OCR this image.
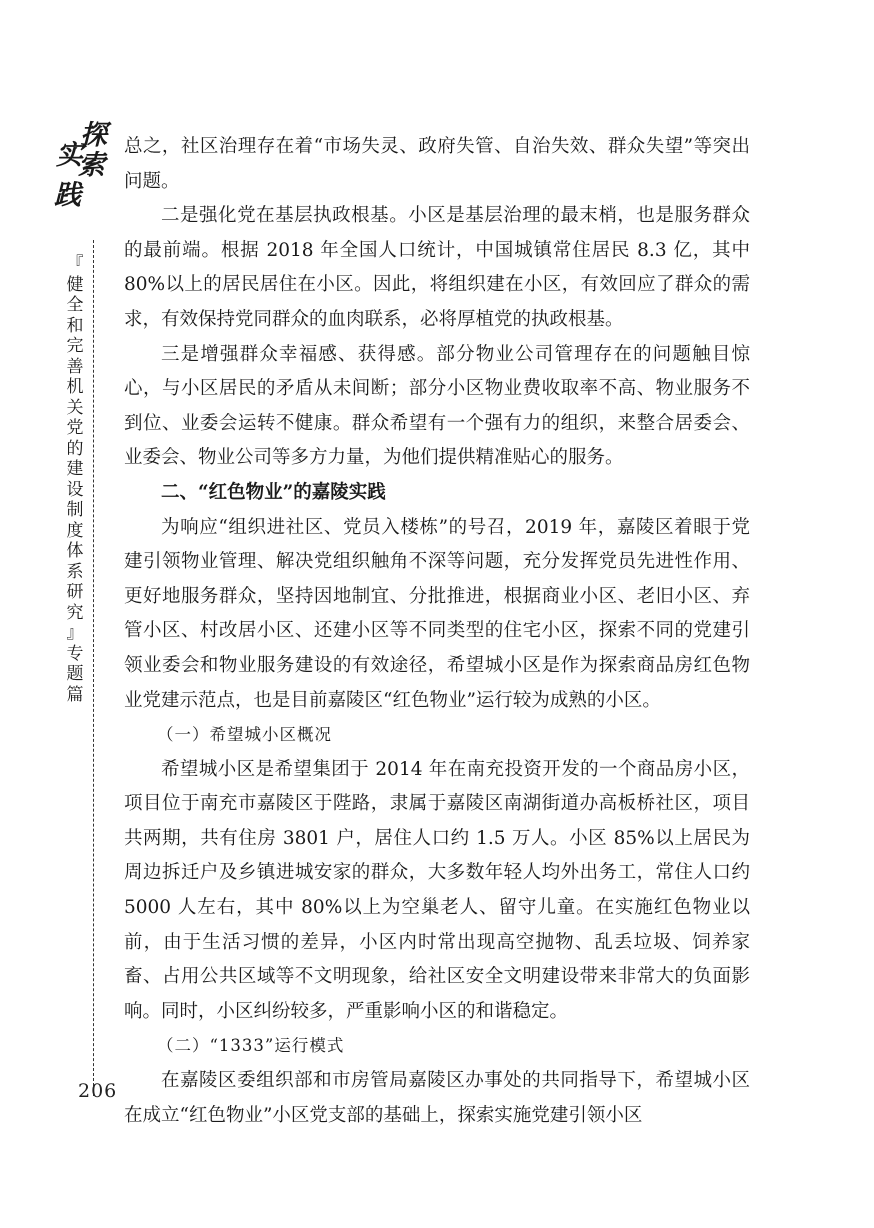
探
索
实
践
『
健
全
和
完
善
机
关
党
的
建
设
制
度
体
系
研
究
』
专
题
篇
206

总之，社区治理存在着“市场失灵、政府失管、自治失效、群众失望”等突出问题。

二是强化党在基层执政根基。小区是基层治理的最末梢，也是服务群众的最前端。根据 2018 年全国人口统计，中国城镇常住居民 8.3 亿，其中 80%以上的居民居住在小区。因此，将组织建在小区，有效回应了群众的需求，有效保持党同群众的血肉联系，必将厚植党的执政根基。

三是增强群众幸福感、获得感。部分物业公司管理存在的问题触目惊心，与小区居民的矛盾从未间断；部分小区物业费收取率不高、物业服务不到位、业委会运转不健康。群众希望有一个强有力的组织，来整合居委会、业委会、物业公司等多方力量，为他们提供精准贴心的服务。

二、“红色物业”的嘉陵实践

为响应“组织进社区、党员入楼栋”的号召，2019 年，嘉陵区着眼于党建引领物业管理、解决党组织触角不深等问题，充分发挥党员先进性作用、更好地服务群众，坚持因地制宜、分批推进，根据商业小区、老旧小区、弃管小区、村改居小区、还建小区等不同类型的住宅小区，探索不同的党建引领业委会和物业服务建设的有效途径，希望城小区是作为探索商品房红色物业党建示范点，也是目前嘉陵区“红色物业”运行较为成熟的小区。

（一）希望城小区概况

希望城小区是希望集团于 2014 年在南充投资开发的一个商品房小区，项目位于南充市嘉陵区于陛路，隶属于嘉陵区南湖街道办高板桥社区，项目共两期，共有住房 3801 户，居住人口约 1.5 万人。小区 85%以上居民为周边拆迁户及乡镇进城安家的群众，大多数年轻人均外出务工，常住人口约 5000 人左右，其中 80%以上为空巢老人、留守儿童。在实施红色物业以前，由于生活习惯的差异，小区内时常出现高空抛物、乱丢垃圾、饲养家畜、占用公共区域等不文明现象，给社区安全文明建设带来非常大的负面影响。同时，小区纠纷较多，严重影响小区的和谐稳定。

（二）“1333”运行模式

在嘉陵区委组织部和市房管局嘉陵区办事处的共同指导下，希望城小区在成立“红色物业”小区党支部的基础上，探索实施党建引领小区
